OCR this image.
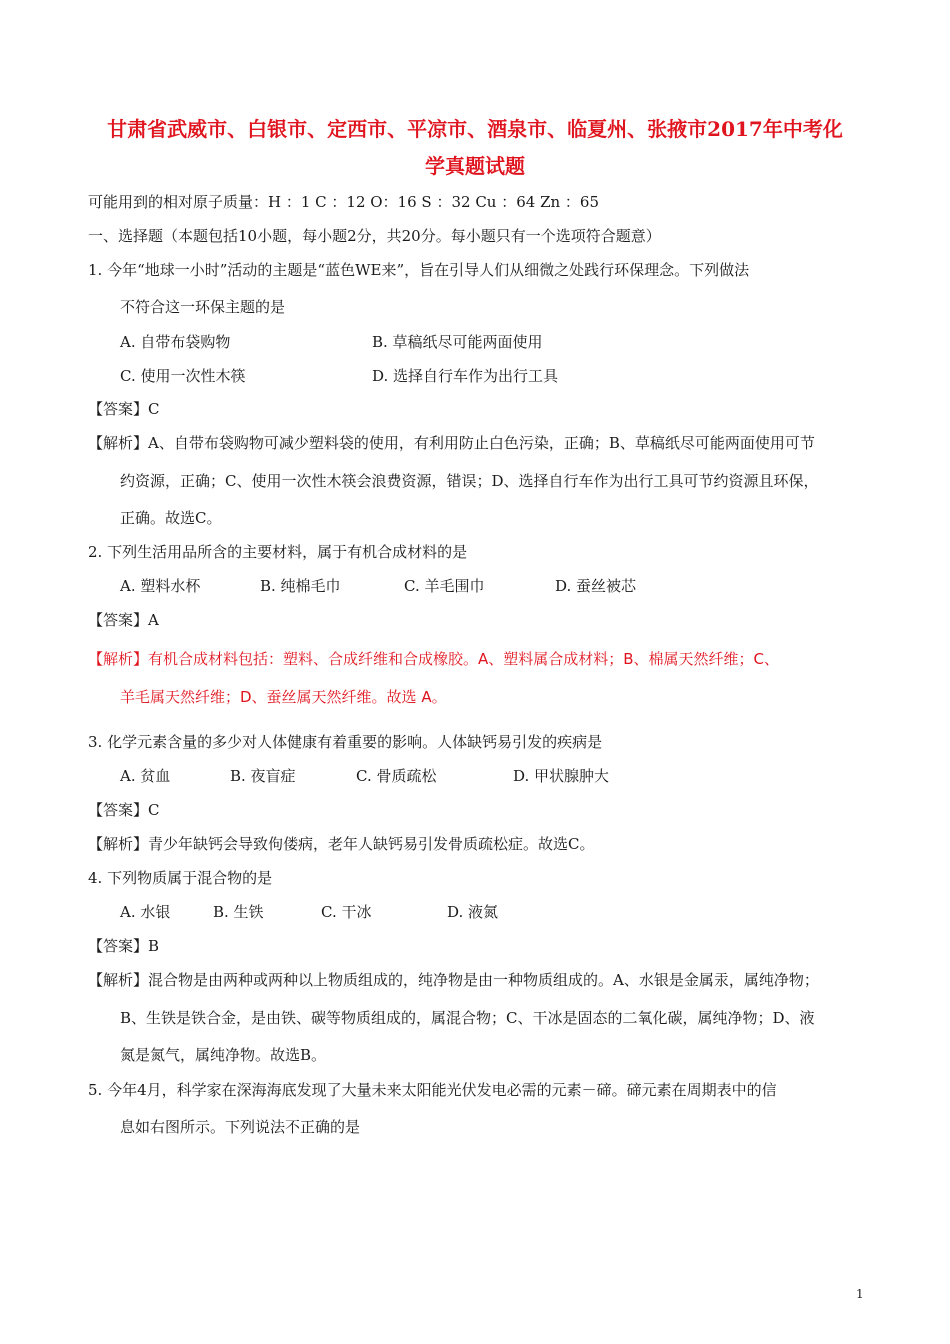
甘肃省武威市、白银市、定西市、平凉市、酒泉市、临夏州、张掖市2017年中考化
学真题试题
可能用到的相对原子质量：H ：1 C ：12 O：16 S ：32 Cu ：64 Zn ：65
一、选择题（本题包括10小题，每小题2分，共20分。每小题只有一个选项符合题意）
1. 今年“地球一小时”活动的主题是“蓝色WE来”，旨在引导人们从细微之处践行环保理念。下列做法
不符合这一环保主题的是
A. 自带布袋购物	B. 草稿纸尽可能两面使用
C. 使用一次性木筷	D. 选择自行车作为出行工具
【答案】C
【解析】A、自带布袋购物可减少塑料袋的使用，有利用防止白色污染，正确；B、草稿纸尽可能两面使用可节
约资源，正确；C、使用一次性木筷会浪费资源，错误；D、选择自行车作为出行工具可节约资源且环保，
正确。故选C。
2. 下列生活用品所含的主要材料，属于有机合成材料的是
A. 塑料水杯	B. 纯棉毛巾	C. 羊毛围巾	D. 蚕丝被芯
【答案】A
【解析】有机合成材料包括：塑料、合成纤维和合成橡胶。A、塑料属合成材料；B、棉属天然纤维；C、
羊毛属天然纤维；D、蚕丝属天然纤维。故选 A。
3. 化学元素含量的多少对人体健康有着重要的影响。人体缺钙易引发的疾病是
A. 贫血	B. 夜盲症	C. 骨质疏松	D. 甲状腺肿大
【答案】C
【解析】青少年缺钙会导致佝偻病，老年人缺钙易引发骨质疏松症。故选C。
4. 下列物质属于混合物的是
A. 水银	B. 生铁	C. 干冰	D. 液氮
【答案】B
【解析】混合物是由两种或两种以上物质组成的，纯净物是由一种物质组成的。A、水银是金属汞，属纯净物；
B、生铁是铁合金，是由铁、碳等物质组成的，属混合物；C、干冰是固态的二氧化碳，属纯净物；D、液
氮是氮气，属纯净物。故选B。
5. 今年4月，科学家在深海海底发现了大量未来太阳能光伏发电必需的元素－碲。碲元素在周期表中的信
息如右图所示。下列说法不正确的是
1
